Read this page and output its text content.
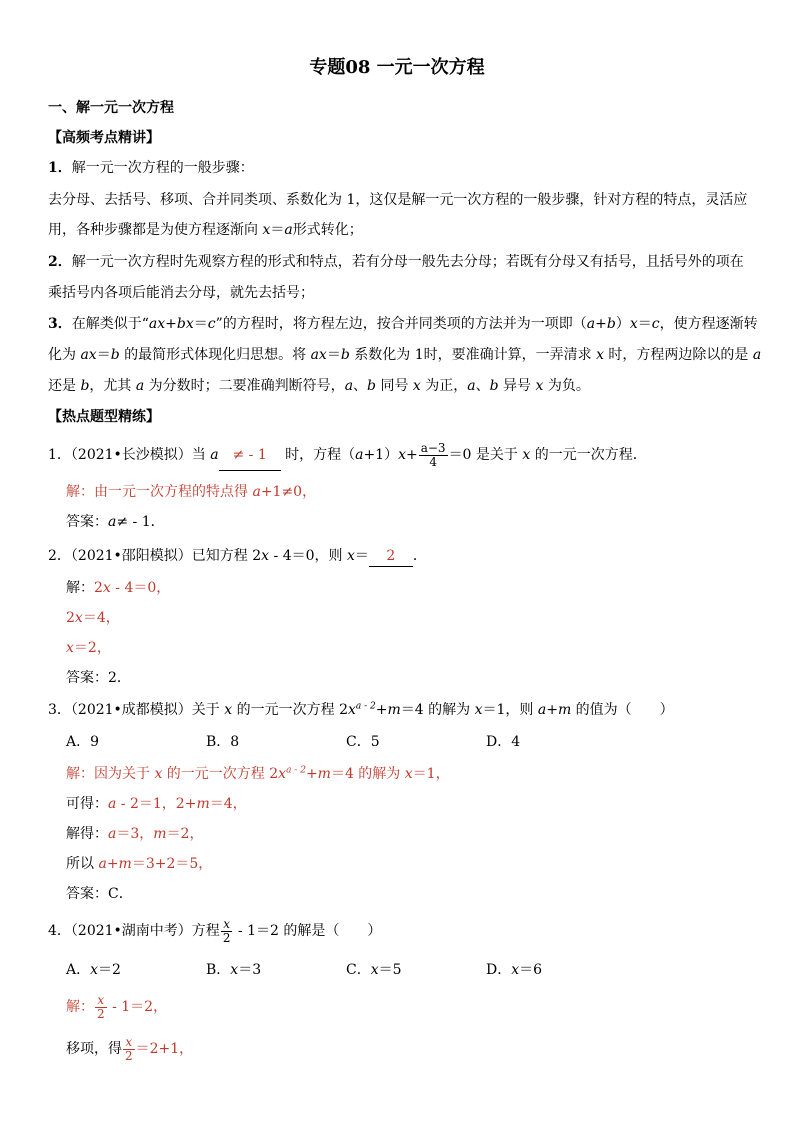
专题08 一元一次方程
一、解一元一次方程
【高频考点精讲】
1．解一元一次方程的一般步骤：
去分母、去括号、移项、合并同类项、系数化为 1，这仅是解一元一次方程的一般步骤，针对方程的特点，灵活应
用，各种步骤都是为使方程逐渐向 x＝a形式转化；
2．解一元一次方程时先观察方程的形式和特点，若有分母一般先去分母；若既有分母又有括号，且括号外的项在
乘括号内各项后能消去分母，就先去括号；
3．在解类似于“ax+bx＝c”的方程时，将方程左边，按合并同类项的方法并为一项即（a+b）x＝c，使方程逐渐转
化为 ax＝b 的最简形式体现化归思想。将 ax＝b 系数化为 1时，要准确计算，一弄清求 x 时，方程两边除以的是 a
还是 b，尤其 a 为分数时；二要准确判断符号，a、b 同号 x 为正，a、b 异号 x 为负。
【热点题型精练】
1．（2021•长沙模拟）当 a ≠ - 1 时，方程$(a+1)x+ \frac{a-3}{4} =0$ 是关于 x 的一元一次方程．
解：由一元一次方程的特点得 a+1≠0，
答案：a≠ - 1．
2．（2021•邵阳模拟）已知方程 2x - 4＝0，则 x＝ 2 ．
解：2x - 4＝0，
2x＝4，
x＝2，
答案：2．
3．（2021•成都模拟）关于 x 的一元一次方程 $2x^{a - 2}+m=4$ 的解为 x＝1，则 a+m 的值为（　　）
A．9	B．8	C．5	D．4
解：因为关于 x 的一元一次方程 $2x^{a - 2}+m=4$ 的解为 x＝1，
可得：a - 2＝1，2+m＝4，
解得：a＝3，m＝2，
所以 a+m＝3+2＝5，
答案：C．
4．（2021•湖南中考）方程 $\frac{x}{2} - 1=2$ 的解是（　　）
A．x＝2	B．x＝3	C．x＝5	D．x＝6
解： $\frac{x}{2} - 1=2$，
移项，得 $\frac{x}{2} =2+1$，
